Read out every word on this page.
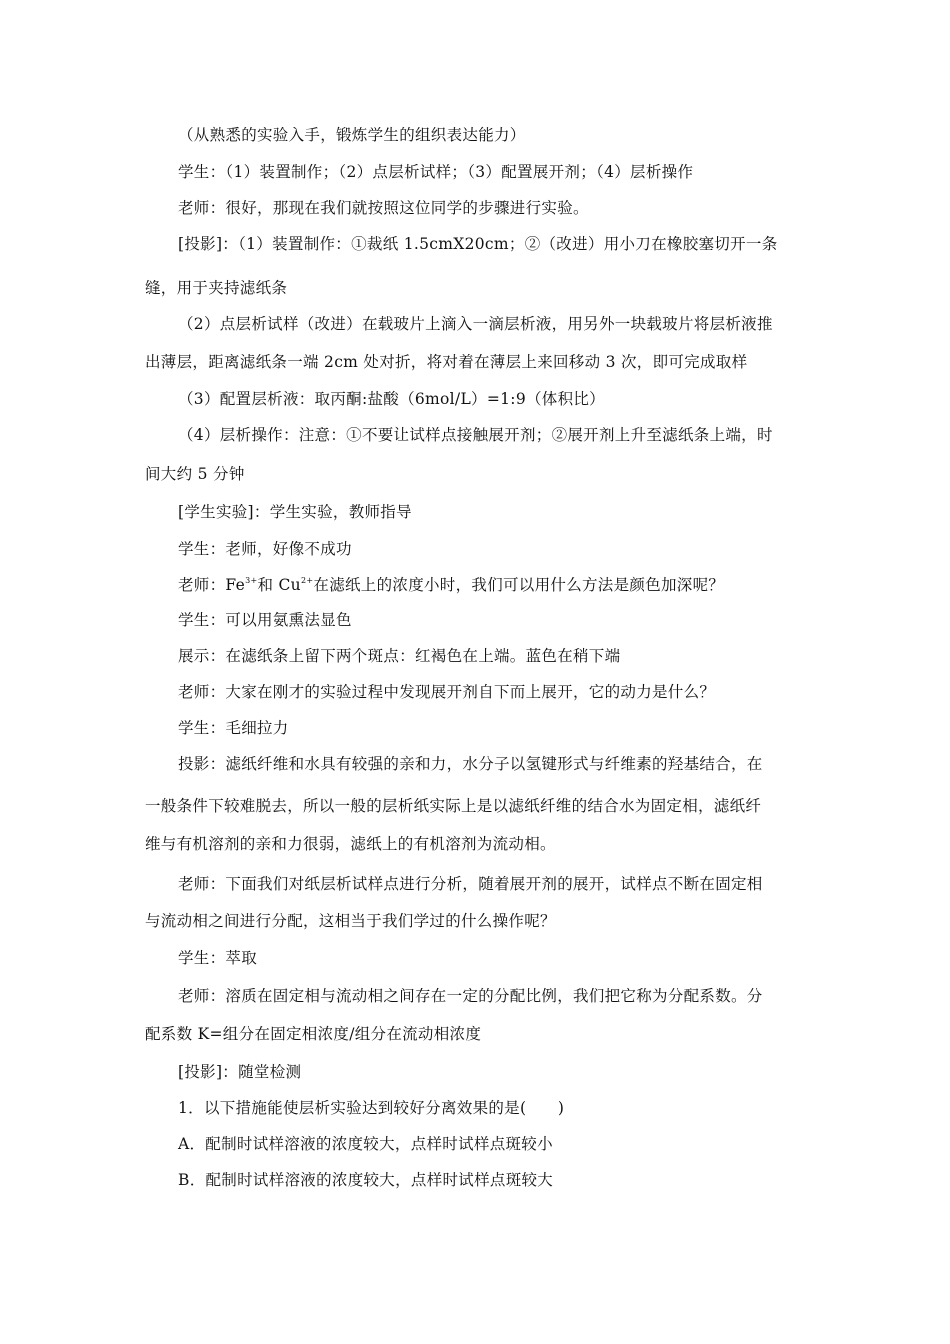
（从熟悉的实验入手，锻炼学生的组织表达能力）
学生：（1）装置制作；（2）点层析试样；（3）配置展开剂；（4）层析操作
老师：很好，那现在我们就按照这位同学的步骤进行实验。
[投影]：（1）装置制作：①裁纸 1.5cmX20cm；②（改进）用小刀在橡胶塞切开一条
缝，用于夹持滤纸条
（2）点层析试样（改进）在载玻片上滴入一滴层析液，用另外一块载玻片将层析液推
出薄层，距离滤纸条一端 2cm 处对折，将对着在薄层上来回移动 3 次，即可完成取样
（3）配置层析液：取丙酮:盐酸（6mol/L）=1:9（体积比）
（4）层析操作：注意：①不要让试样点接触展开剂；②展开剂上升至滤纸条上端，时
间大约 5 分钟
[学生实验]：学生实验，教师指导
学生：老师，好像不成功
老师：$Fe^{3+}$和 $Cu^{2+}$在滤纸上的浓度小时，我们可以用什么方法是颜色加深呢？
学生：可以用氨熏法显色
展示：在滤纸条上留下两个斑点：红褐色在上端。蓝色在稍下端
老师：大家在刚才的实验过程中发现展开剂自下而上展开，它的动力是什么？
学生：毛细拉力
投影：滤纸纤维和水具有较强的亲和力，水分子以氢键形式与纤维素的羟基结合，在
一般条件下较难脱去，所以一般的层析纸实际上是以滤纸纤维的结合水为固定相，滤纸纤
维与有机溶剂的亲和力很弱，滤纸上的有机溶剂为流动相。
老师：下面我们对纸层析试样点进行分析，随着展开剂的展开，试样点不断在固定相
与流动相之间进行分配，这相当于我们学过的什么操作呢？
学生：萃取
老师：溶质在固定相与流动相之间存在一定的分配比例，我们把它称为分配系数。分
配系数 K=组分在固定相浓度/组分在流动相浓度
[投影]：随堂检测
1．以下措施能使层析实验达到较好分离效果的是(　　)
A．配制时试样溶液的浓度较大，点样时试样点斑较小
B．配制时试样溶液的浓度较大，点样时试样点斑较大
